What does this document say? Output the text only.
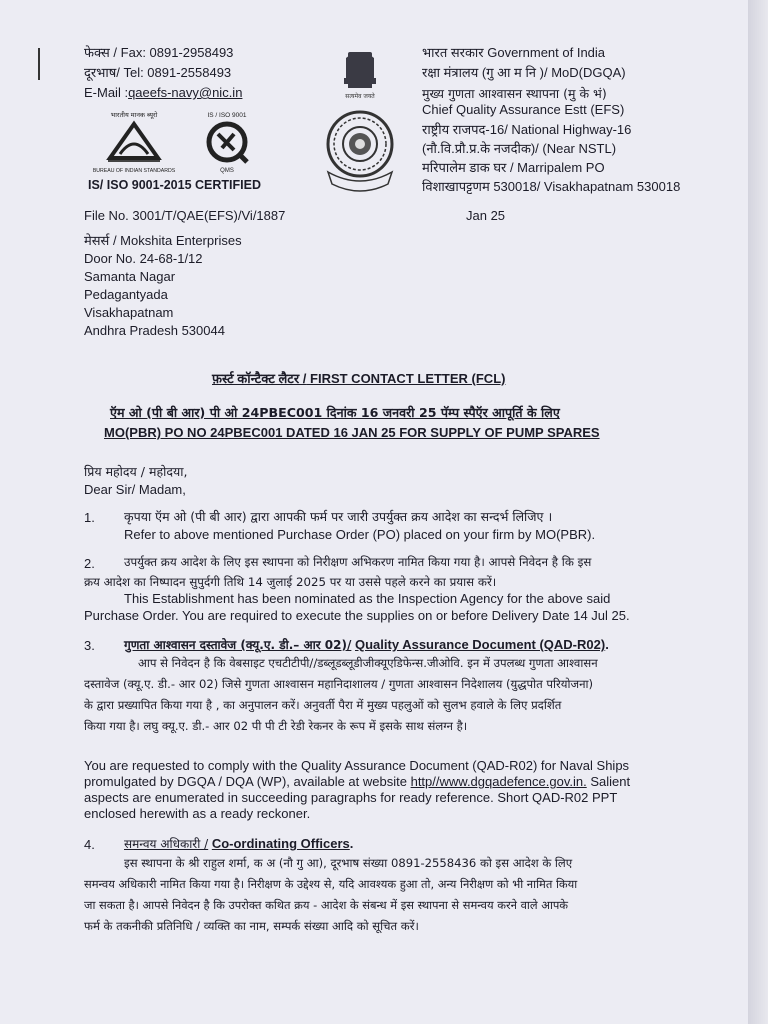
फेक्स / Fax: 0891-2958493
दूरभाष/ Tel: 0891-2558493
E-Mail :qaeefs-navy@nic.in
भारतीय मानक ब्यूरो
BUREAU OF INDIAN STANDARDS
IS / ISO 9001
QMS
IS/ ISO 9001-2015 CERTIFIED
सत्यमेव जयते
भारत सरकार Government of India
रक्षा मंत्रालय (गु आ म नि )/ MoD(DGQA)
मुख्य गुणता आश्वासन स्थापना (मु के भं)
Chief Quality Assurance Estt (EFS)
राष्ट्रीय राजपद-16/ National Highway-16
(नौ.वि.प्रौ.प्र.के नजदीक)/ (Near NSTL)
मरिपालेम डाक घर / Marripalem PO
विशाखापट्टणम 530018/ Visakhapatnam 530018
File No. 3001/T/QAE(EFS)/Vi/1887	Jan 25
मेसर्स / Mokshita Enterprises
Door No. 24-68-1/12
Samanta Nagar
Pedagantyada
Visakhapatnam
Andhra Pradesh 530044
फ़र्स्ट कॉन्टैक्ट लैटर / FIRST CONTACT LETTER (FCL)
ऍम ओ (पी बी आर) पी ओ 24PBEC001 दिनांक 16 जनवरी 25 पॅम्प स्पैऍर आपूर्ति के लिए
MO(PBR) PO NO 24PBEC001 DATED 16 JAN 25 FOR SUPPLY OF PUMP SPARES
प्रिय महोदय / महोदया,
Dear Sir/ Madam,
1. कृपया ऍम ओ (पी बी आर) द्वारा आपकी फर्म पर जारी उपर्युक्त क्रय आदेश का सन्दर्भ लिजिए ।
Refer to above mentioned Purchase Order (PO) placed on your firm by MO(PBR).
2. उपर्युक्त क्रय आदेश के लिए इस स्थापना को निरीक्षण अभिकरण नामित किया गया है। आपसे निवेदन है कि इस
क्रय आदेश का निष्पादन सुपुर्दगी तिथि 14 जुलाई 2025 पर या उससे पहले करने का प्रयास करें।
This Establishment has been nominated as the Inspection Agency for the above said
Purchase Order. You are required to execute the supplies on or before Delivery Date 14 Jul 25.
3. गुणता आश्वासन दस्तावेज (क्यू.ए. डी.– आर 02)/ Quality Assurance Document (QAD-R02).
आप से निवेदन है कि वेबसाइट एचटीटीपी//डब्लूडब्लूडीजीक्यूएडिफेन्स.जीओवि. इन में उपलब्ध गुणता आश्वासन
दस्तावेज (क्यू.ए. डी.- आर 02) जिसे गुणता आश्वासन महानिदाशालय / गुणता आश्वासन निदेशालय (युद्धपोत परियोजना)
के द्वारा प्रख्यापित किया गया है , का अनुपालन करें। अनुवर्ती पैरा में मुख्य पहलुओं को सुलभ हवाले के लिए प्रदर्शित
किया गया है। लघु क्यू.ए. डी.- आर 02 पी पी टी रेडी रेकनर के रूप में इसके साथ संलग्न है।
You are requested to comply with the Quality Assurance Document (QAD-R02) for Naval Ships
promulgated by DGQA / DQA (WP), available at website http//www.dgqadefence.gov.in. Salient
aspects are enumerated in succeeding paragraphs for ready reference. Short QAD-R02 PPT
enclosed herewith as a ready reckoner.
4. समन्वय अधिकारी / Co-ordinating Officers.
इस स्थापना के श्री राहुल शर्मा, क अ (नौ गु आ), दूरभाष संख्या 0891-2558436 को इस आदेश के लिए
समन्वय अधिकारी नामित किया गया है। निरीक्षण के उद्देश्य से, यदि आवश्यक हुआ तो, अन्य निरीक्षण को भी नामित किया
जा सकता है। आपसे निवेदन है कि उपरोक्त कथित क्रय - आदेश के संबन्ध में इस स्थापना से समन्वय करने वाले आपके
फर्म के तकनीकी प्रतिनिधि / व्यक्ति का नाम, सम्पर्क संख्या आदि को सूचित करें।
